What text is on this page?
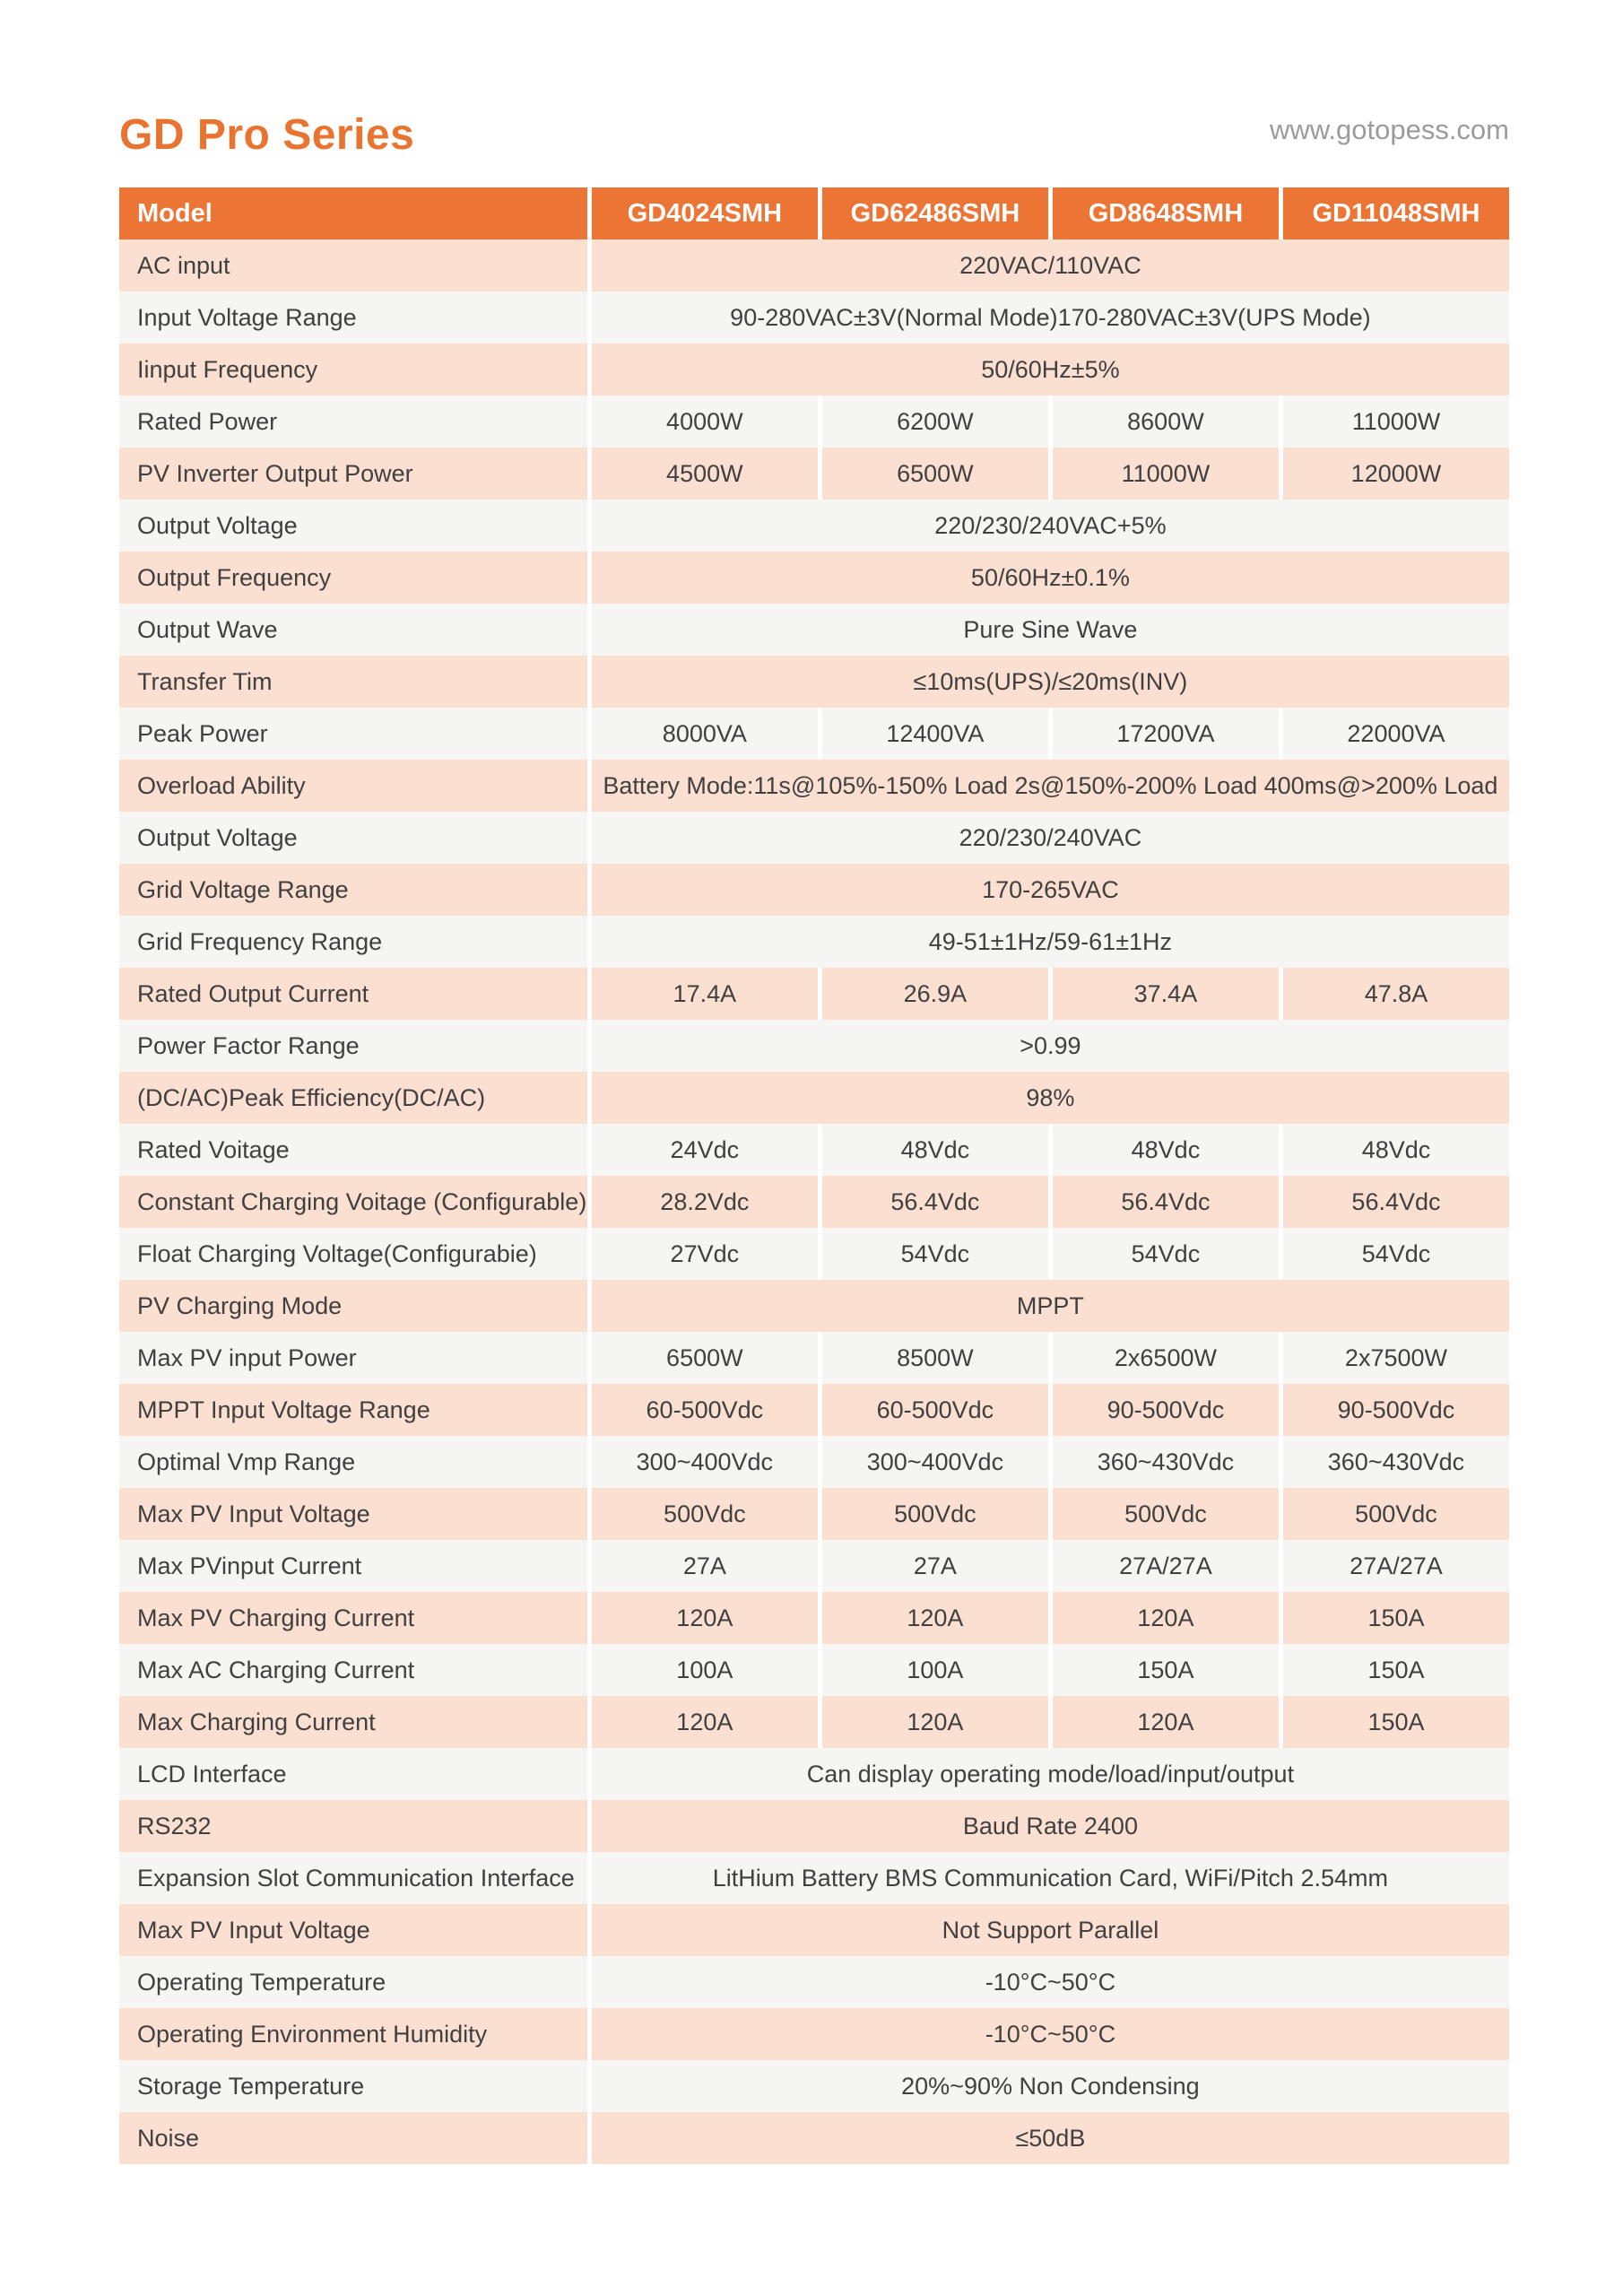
GD Pro Series	www.gotopess.com
Model	GD4024SMH	GD62486SMH	GD8648SMH	GD11048SMH
AC input	220VAC/110VAC
Input Voltage Range	90-280VAC±3V(Normal Mode)170-280VAC±3V(UPS Mode)
Iinput Frequency	50/60Hz±5%
Rated Power	4000W	6200W	8600W	11000W
PV Inverter Output Power	4500W	6500W	11000W	12000W
Output Voltage	220/230/240VAC+5%
Output Frequency	50/60Hz±0.1%
Output Wave	Pure Sine Wave
Transfer Tim	≤10ms(UPS)/≤20ms(INV)
Peak Power	8000VA	12400VA	17200VA	22000VA
Overload Ability	Battery Mode:11s@105%-150% Load 2s@150%-200% Load 400ms@>200% Load
Output Voltage	220/230/240VAC
Grid Voltage Range	170-265VAC
Grid Frequency Range	49-51±1Hz/59-61±1Hz
Rated Output Current	17.4A	26.9A	37.4A	47.8A
Power Factor Range	>0.99
(DC/AC)Peak Efficiency(DC/AC)	98%
Rated Voitage	24Vdc	48Vdc	48Vdc	48Vdc
Constant Charging Voitage (Configurable)	28.2Vdc	56.4Vdc	56.4Vdc	56.4Vdc
Float Charging Voltage(Configurabie)	27Vdc	54Vdc	54Vdc	54Vdc
PV Charging Mode	MPPT
Max PV input Power	6500W	8500W	2x6500W	2x7500W
MPPT Input Voltage Range	60-500Vdc	60-500Vdc	90-500Vdc	90-500Vdc
Optimal Vmp Range	300~400Vdc	300~400Vdc	360~430Vdc	360~430Vdc
Max PV Input Voltage	500Vdc	500Vdc	500Vdc	500Vdc
Max PVinput Current	27A	27A	27A/27A	27A/27A
Max PV Charging Current	120A	120A	120A	150A
Max AC Charging Current	100A	100A	150A	150A
Max Charging Current	120A	120A	120A	150A
LCD Interface	Can display operating mode/load/input/output
RS232	Baud Rate 2400
Expansion Slot Communication Interface	LitHium Battery BMS Communication Card, WiFi/Pitch 2.54mm
Max PV Input Voltage	Not Support Parallel
Operating Temperature	-10°C~50°C
Operating Environment Humidity	-10°C~50°C
Storage Temperature	20%~90% Non Condensing
Noise	≤50dB
